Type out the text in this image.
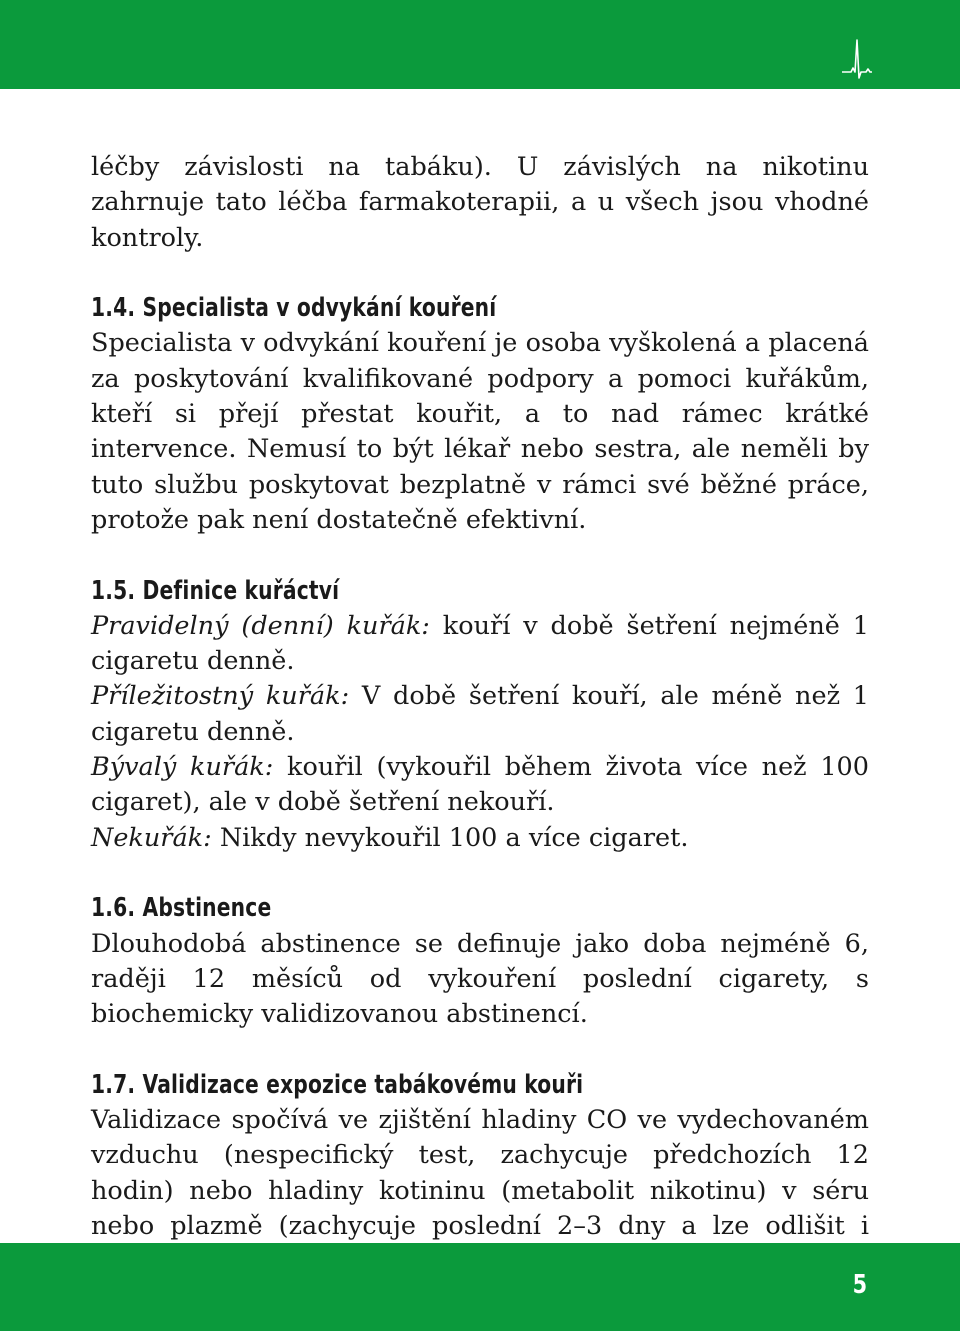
léčby závislosti na tabáku). U závislých na nikotinu zahrnuje tato léčba farmakoterapii, a u všech jsou vhodné kontroly.

1.4. Specialista v odvykání kouření

Specialista v odvykání kouření je osoba vyškolená a placená za poskytování kvalifikované podpory a pomoci kuřákům, kteří si přejí přestat kouřit, a to nad rámec krátké intervence. Nemusí to být lékař nebo sestra, ale neměli by tuto službu poskytovat bezplatně v rámci své běžné práce, protože pak není dostatečně efektivní.

1.5. Definice kuřáctví

Pravidelný (denní) kuřák: kouří v době šetření nejméně 1 cigaretu denně.

Příležitostný kuřák: V době šetření kouří, ale méně než 1 cigaretu denně.

Bývalý kuřák: kouřil (vykouřil během života více než 100 cigaret), ale v době šetření nekouří.

Nekuřák: Nikdy nevykouřil 100 a více cigaret.

1.6. Abstinence

Dlouhodobá abstinence se definuje jako doba nejméně 6, raději 12 měsíců od vykouření poslední cigarety, s biochemicky validizovanou abstinencí.

1.7. Validizace expozice tabákovému kouři

Validizace spočívá ve zjištění hladiny CO ve vydechovaném vzduchu (nespecifický test, zachycuje předchozích 12 hodin) nebo hladiny kotininu (metabolit nikotinu) v séru nebo plazmě (zachycuje poslední 2–3 dny a lze odlišit i

5
